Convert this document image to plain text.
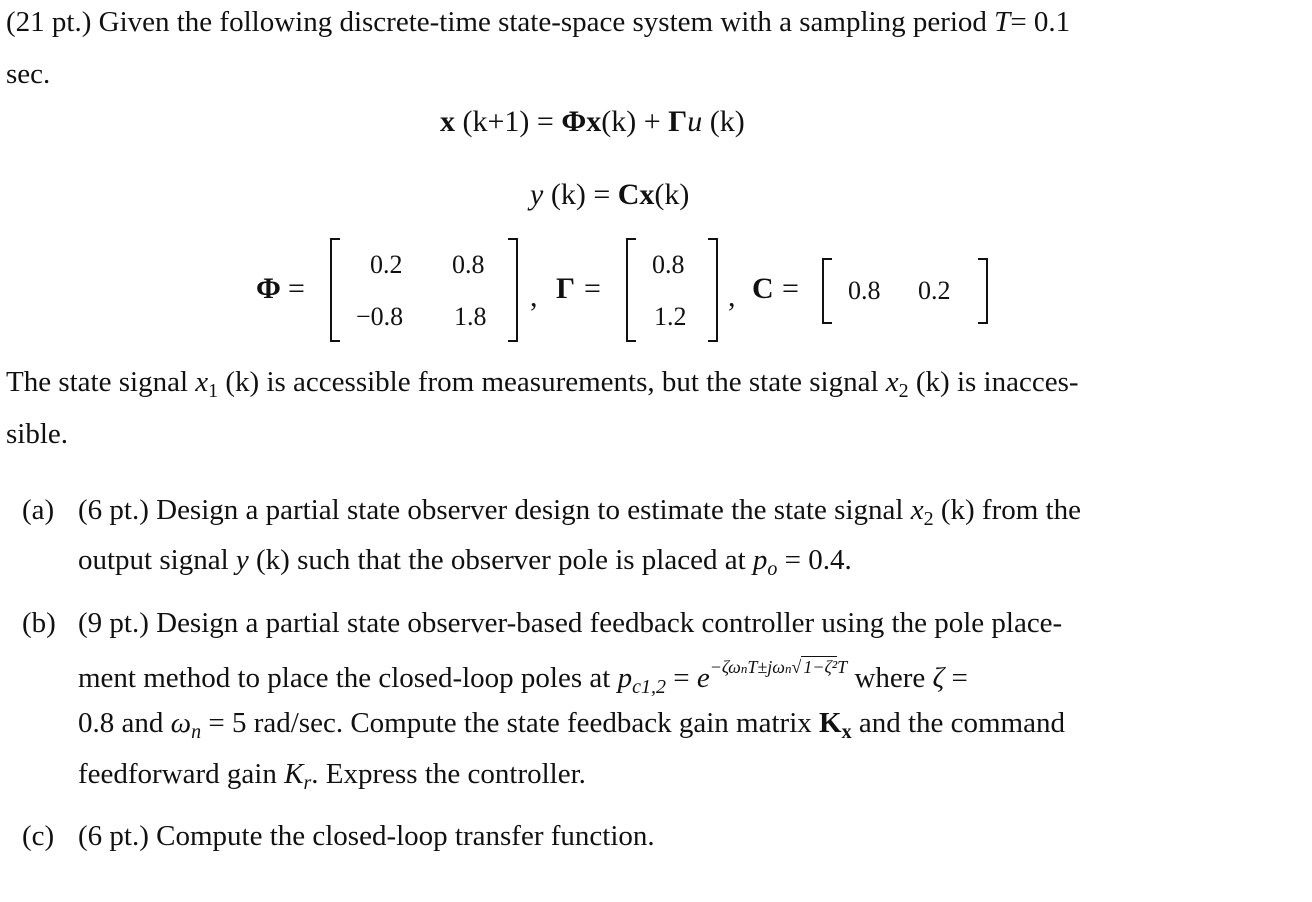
(21 pt.) Given the following discrete-time state-space system with a sampling period T= 0.1
sec.
x (k+1) = Φx(k) + Γu (k)
y (k) = Cx(k)
Φ =
0.2 0.8
−0.8 1.8
, Γ =
0.8
1.2
, C = 0.8 0.2
The state signal $x_1$ (k) is accessible from measurements, but the state signal $x_2$ (k) is inacces-
sible.
(a) (6 pt.) Design a partial state observer design to estimate the state signal $x_2$ (k) from the
output signal y (k) such that the observer pole is placed at $p_o = 0.4$.
(b) (9 pt.) Design a partial state observer-based feedback controller using the pole place-
ment method to place the closed-loop poles at $p_{c1,2} = e^{-\zeta\omega nT\pm j\omega n√ 1-\zeta^2T}$ where ζ =
0.8 and $\omega_n = 5$ rad/sec. Compute the state feedback gain matrix $K_x$ and the command
feedforward gain $K_r$. Express the controller.
(c) (6 pt.) Compute the closed-loop transfer function.
